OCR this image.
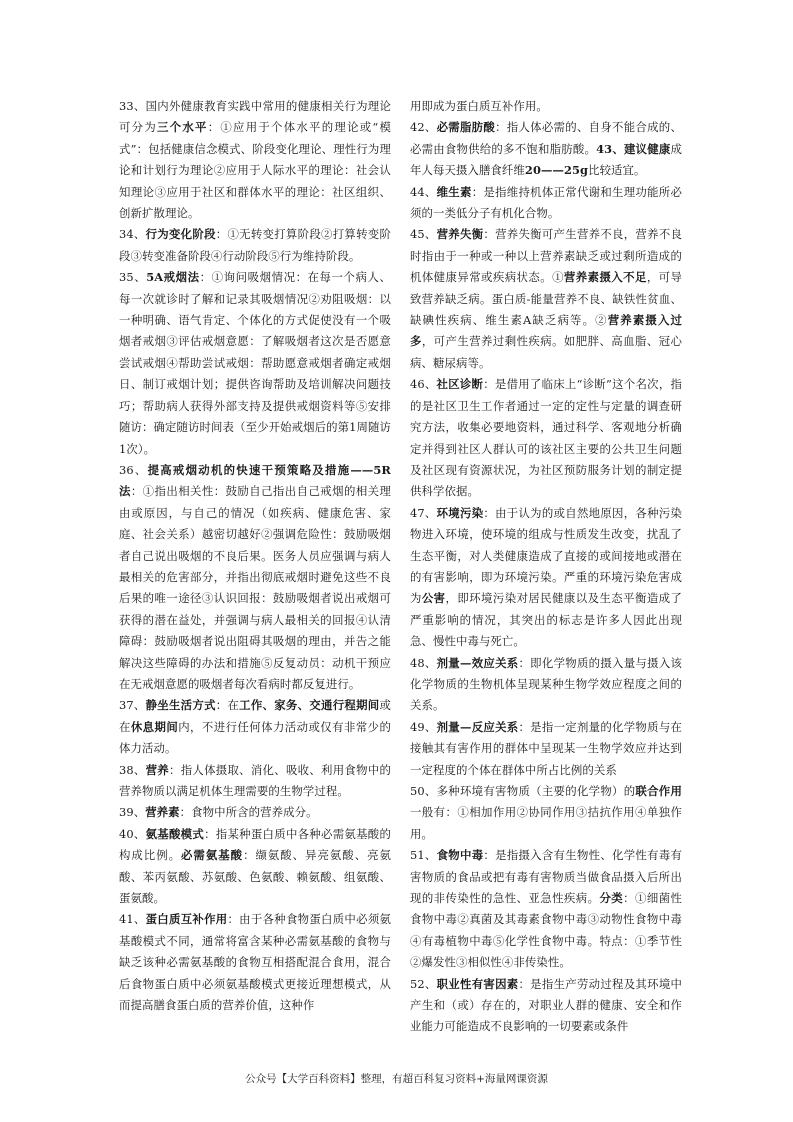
33、国内外健康教育实践中常用的健康相关行为理论可分为三个水平：①应用于个体水平的理论或“模式”：包括健康信念模式、阶段变化理论、理性行为理论和计划行为理论②应用于人际水平的理论：社会认知理论③应用于社区和群体水平的理论：社区组织、创新扩散理论。

34、行为变化阶段：①无转变打算阶段②打算转变阶段③转变准备阶段④行动阶段⑤行为维持阶段。

35、5A戒烟法：①询问吸烟情况：在每一个病人、每一次就诊时了解和记录其吸烟情况②劝阻吸烟：以一种明确、语气肯定、个体化的方式促使没有一个吸烟者戒烟③评估戒烟意愿：了解吸烟者这次是否愿意尝试戒烟④帮助尝试戒烟：帮助愿意戒烟者确定戒烟日、制订戒烟计划；提供咨询帮助及培训解决问题技巧；帮助病人获得外部支持及提供戒烟资料等⑤安排随访：确定随访时间表（至少开始戒烟后的第1周随访1次）。

36、提高戒烟动机的快速干预策略及措施——5R法：①指出相关性：鼓励自己指出自己戒烟的相关理由或原因，与自己的情况（如疾病、健康危害、家庭、社会关系）越密切越好②强调危险性：鼓励吸烟者自己说出吸烟的不良后果。医务人员应强调与病人最相关的危害部分，并指出彻底戒烟时避免这些不良后果的唯一途径③认识回报：鼓励吸烟者说出戒烟可获得的潜在益处，并强调与病人最相关的回报④认清障碍：鼓励吸烟者说出阻碍其吸烟的理由，并告之能解决这些障碍的办法和措施⑤反复动员：动机干预应在无戒烟意愿的吸烟者每次看病时都反复进行。

37、静坐生活方式：在工作、家务、交通行程期间或在休息期间内，不进行任何体力活动或仅有非常少的体力活动。

38、营养：指人体摄取、消化、吸收、利用食物中的营养物质以满足机体生理需要的生物学过程。

39、营养素：食物中所含的营养成分。

40、氨基酸模式：指某种蛋白质中各种必需氨基酸的构成比例。必需氨基酸：缬氨酸、异亮氨酸、亮氨酸、苯丙氨酸、苏氨酸、色氨酸、赖氨酸、组氨酸、蛋氨酸。

41、蛋白质互补作用：由于各种食物蛋白质中必须氨基酸模式不同，通常将富含某种必需氨基酸的食物与缺乏该种必需氨基酸的食物互相搭配混合食用，混合后食物蛋白质中必须氨基酸模式更接近理想模式，从而提高膳食蛋白质的营养价值，这种作

用即成为蛋白质互补作用。

42、必需脂肪酸：指人体必需的、自身不能合成的、必需由食物供给的多不饱和脂肪酸。43、建议健康成年人每天摄入膳食纤维20——25g比较适宜。

44、维生素：是指维持机体正常代谢和生理功能所必须的一类低分子有机化合物。

45、营养失衡：营养失衡可产生营养不良，营养不良时指由于一种或一种以上营养素缺乏或过剩所造成的机体健康异常或疾病状态。①营养素摄入不足，可导致营养缺乏病。蛋白质-能量营养不良、缺铁性贫血、缺碘性疾病、维生素A缺乏病等。②营养素摄入过多，可产生营养过剩性疾病。如肥胖、高血脂、冠心病、糖尿病等。

46、社区诊断：是借用了临床上“诊断”这个名次，指的是社区卫生工作者通过一定的定性与定量的调查研究方法，收集必要地资料，通过科学、客观地分析确定并得到社区人群认可的该社区主要的公共卫生问题及社区现有资源状况，为社区预防服务计划的制定提供科学依据。

47、环境污染：由于认为的或自然地原因，各种污染物进入环境，使环境的组成与性质发生改变，扰乱了生态平衡，对人类健康造成了直接的或间接地或潜在的有害影响，即为环境污染。严重的环境污染危害成为公害，即环境污染对居民健康以及生态平衡造成了严重影响的情况，其突出的标志是许多人因此出现急、慢性中毒与死亡。

48、剂量—效应关系：即化学物质的摄入量与摄入该化学物质的生物机体呈现某种生物学效应程度之间的关系。

49、剂量—反应关系：是指一定剂量的化学物质与在接触其有害作用的群体中呈现某一生物学效应并达到一定程度的个体在群体中所占比例的关系

50、多种环境有害物质（主要的化学物）的联合作用一般有：①相加作用②协同作用③拮抗作用④单独作用。

51、食物中毒：是指摄入含有生物性、化学性有毒有害物质的食品或把有毒有害物质当做食品摄入后所出现的非传染性的急性、亚急性疾病。分类：①细菌性食物中毒②真菌及其毒素食物中毒③动物性食物中毒④有毒植物中毒⑤化学性食物中毒。特点：①季节性②爆发性③相似性④非传染性。

52、职业性有害因素：是指生产劳动过程及其环境中产生和（或）存在的，对职业人群的健康、安全和作业能力可能造成不良影响的一切要素或条件

公众号【大学百科资料】整理，有超百科复习资料+海量网课资源
